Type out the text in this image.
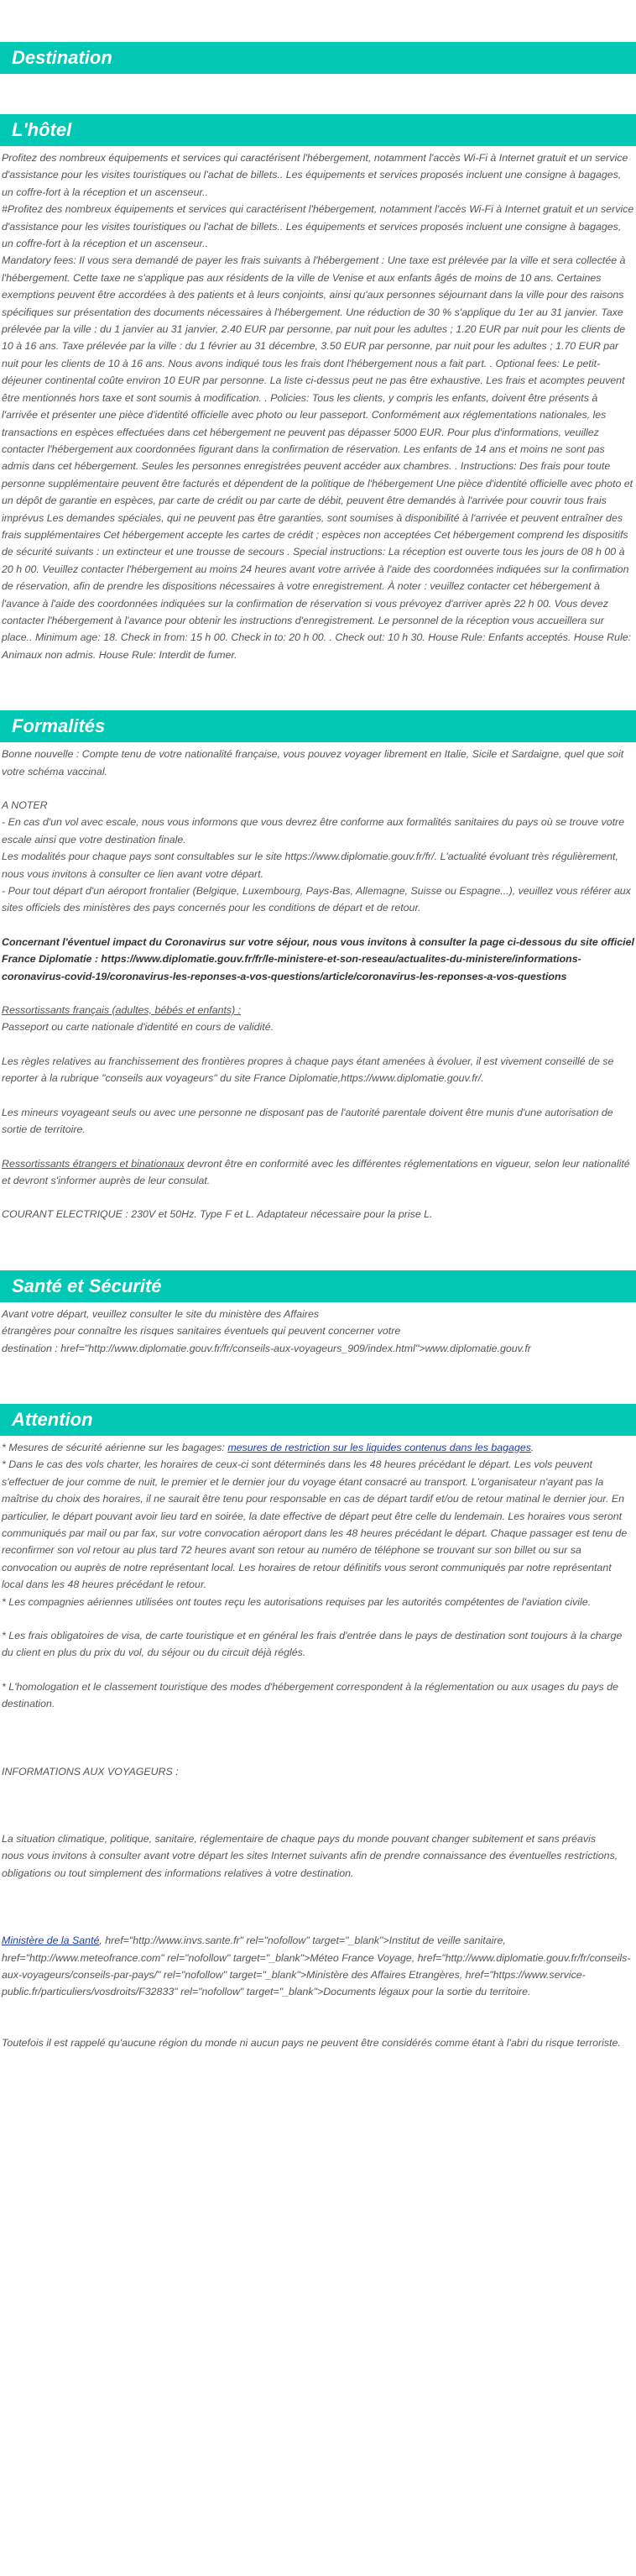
Destination
L'hôtel

Profitez des nombreux équipements et services qui caractérisent l'hébergement, notamment l'accès Wi-Fi à Internet gratuit et un service d'assistance pour les visites touristiques ou l'achat de billets.. Les équipements et services proposés incluent une consigne à bagages, un coffre-fort à la réception et un ascenseur..

#Profitez des nombreux équipements et services qui caractérisent l'hébergement, notamment l'accès Wi-Fi à Internet gratuit et un service d'assistance pour les visites touristiques ou l'achat de billets.. Les équipements et services proposés incluent une consigne à bagages, un coffre-fort à la réception et un ascenseur..

Mandatory fees: Il vous sera demandé de payer les frais suivants à l'hébergement : Une taxe est prélevée par la ville et sera collectée à l'hébergement. Cette taxe ne s'applique pas aux résidents de la ville de Venise et aux enfants âgés de moins de 10 ans. Certaines exemptions peuvent être accordées à des patients et à leurs conjoints, ainsi qu'aux personnes séjournant dans la ville pour des raisons spécifiques sur présentation des documents nécessaires à l'hébergement. Une réduction de 30 % s'applique du 1er au 31 janvier. Taxe prélevée par la ville : du 1 janvier au 31 janvier, 2.40 EUR par personne, par nuit pour les adultes ; 1.20 EUR par nuit pour les clients de 10 à 16 ans. Taxe prélevée par la ville : du 1 février au 31 décembre, 3.50 EUR par personne, par nuit pour les adultes ; 1.70 EUR par nuit pour les clients de 10 à 16 ans. Nous avons indiqué tous les frais dont l'hébergement nous a fait part. . Optional fees: Le petit-déjeuner continental coûte environ 10 EUR par personne. La liste ci-dessus peut ne pas être exhaustive. Les frais et acomptes peuvent être mentionnés hors taxe et sont soumis à modification. . Policies: Tous les clients, y compris les enfants, doivent être présents à l'arrivée et présenter une pièce d'identité officielle avec photo ou leur passeport. Conformément aux réglementations nationales, les transactions en espèces effectuées dans cet hébergement ne peuvent pas dépasser 5000 EUR. Pour plus d'informations, veuillez contacter l'hébergement aux coordonnées figurant dans la confirmation de réservation. Les enfants de 14 ans et moins ne sont pas admis dans cet hébergement. Seules les personnes enregistrées peuvent accéder aux chambres. . Instructions: Des frais pour toute personne supplémentaire peuvent être facturés et dépendent de la politique de l'hébergement Une pièce d'identité officielle avec photo et un dépôt de garantie en espèces, par carte de crédit ou par carte de débit, peuvent être demandés à l'arrivée pour couvrir tous frais imprévus Les demandes spéciales, qui ne peuvent pas être garanties, sont soumises à disponibilité à l'arrivée et peuvent entraîner des frais supplémentaires Cet hébergement accepte les cartes de crédit ; espèces non acceptées Cet hébergement comprend les dispositifs de sécurité suivants : un extincteur et une trousse de secours . Special instructions: La réception est ouverte tous les jours de 08 h 00 à 20 h 00. Veuillez contacter l'hébergement au moins 24 heures avant votre arrivée à l'aide des coordonnées indiquées sur la confirmation de réservation, afin de prendre les dispositions nécessaires à votre enregistrement. À noter : veuillez contacter cet hébergement à l'avance à l'aide des coordonnées indiquées sur la confirmation de réservation si vous prévoyez d'arriver après 22 h 00. Vous devez contacter l'hébergement à l'avance pour obtenir les instructions d'enregistrement. Le personnel de la réception vous accueillera sur place.. Minimum age: 18. Check in from: 15 h 00. Check in to: 20 h 00. . Check out: 10 h 30. House Rule: Enfants acceptés. House Rule: Animaux non admis. House Rule: Interdit de fumer.

Formalités

Bonne nouvelle : Compte tenu de votre nationalité française, vous pouvez voyager librement en Italie, Sicile et Sardaigne, quel que soit votre schéma vaccinal.

A NOTER

- En cas d'un vol avec escale, nous vous informons que vous devrez être conforme aux formalités sanitaires du pays où se trouve votre escale ainsi que votre destination finale.

Les modalités pour chaque pays sont consultables sur le site https://www.diplomatie.gouv.fr/fr/. L'actualité évoluant très régulièrement, nous vous invitons à consulter ce lien avant votre départ.

- Pour tout départ d'un aéroport frontalier (Belgique, Luxembourg, Pays-Bas, Allemagne, Suisse ou Espagne...), veuillez vous référer aux sites officiels des ministères des pays concernés pour les conditions de départ et de retour.

Concernant l'éventuel impact du Coronavirus sur votre séjour, nous vous invitons à consulter la page ci-dessous du site officiel France Diplomatie : https://www.diplomatie.gouv.fr/fr/le-ministere-et-son-reseau/actualites-du-ministere/informations-coronavirus-covid-19/coronavirus-les-reponses-a-vos-questions/article/coronavirus-les-reponses-a-vos-questions

Ressortissants français (adultes, bébés et enfants) :

Passeport ou carte nationale d'identité en cours de validité.

Les règles relatives au franchissement des frontières propres à chaque pays étant amenées à évoluer, il est vivement conseillé de se reporter à la rubrique "conseils aux voyageurs" du site France Diplomatie,https://www.diplomatie.gouv.fr/.

Les mineurs voyageant seuls ou avec une personne ne disposant pas de l'autorité parentale doivent être munis d'une autorisation de sortie de territoire.

Ressortissants étrangers et binationaux devront être en conformité avec les différentes réglementations en vigueur, selon leur nationalité et devront s'informer auprès de leur consulat.

COURANT ELECTRIQUE : 230V et 50Hz. Type F et L. Adaptateur nécessaire pour la prise L.

Santé et Sécurité

Avant votre départ, veuillez consulter le site du ministère des Affaires

étrangères pour connaître les risques sanitaires éventuels qui peuvent concerner votre

destination : href="http://www.diplomatie.gouv.fr/fr/conseils-aux-voyageurs_909/index.html">www.diplomatie.gouv.fr

Attention

* Mesures de sécurité aérienne sur les bagages: mesures de restriction sur les liquides contenus dans les bagages.

* Dans le cas des vols charter, les horaires de ceux-ci sont déterminés dans les 48 heures précédant le départ. Les vols peuvent s'effectuer de jour comme de nuit, le premier et le dernier jour du voyage étant consacré au transport. L'organisateur n'ayant pas la maîtrise du choix des horaires, il ne saurait être tenu pour responsable en cas de départ tardif et/ou de retour matinal le dernier jour. En particulier, le départ pouvant avoir lieu tard en soirée, la date effective de départ peut être celle du lendemain. Les horaires vous seront communiqués par mail ou par fax, sur votre convocation aéroport dans les 48 heures précédant le départ. Chaque passager est tenu de reconfirmer son vol retour au plus tard 72 heures avant son retour au numéro de téléphone se trouvant sur son billet ou sur sa convocation ou auprès de notre représentant local. Les horaires de retour définitifs vous seront communiqués par notre représentant local dans les 48 heures précédant le retour.

* Les compagnies aériennes utilisées ont toutes reçu les autorisations requises par les autorités compétentes de l'aviation civile.

* Les frais obligatoires de visa, de carte touristique et en général les frais d'entrée dans le pays de destination sont toujours à la charge du client en plus du prix du vol, du séjour ou du circuit déjà réglés.

* L'homologation et le classement touristique des modes d'hébergement correspondent à la réglementation ou aux usages du pays de destination.

INFORMATIONS AUX VOYAGEURS :

La situation climatique, politique, sanitaire, réglementaire de chaque pays du monde pouvant changer subitement et sans préavis

nous vous invitons à consulter avant votre départ les sites Internet suivants afin de prendre connaissance des éventuelles restrictions, obligations ou tout simplement des informations relatives à votre destination.

Ministère de la Santé, href="http://www.invs.sante.fr" rel="nofollow" target="_blank">Institut de veille sanitaire, href="http://www.meteofrance.com" rel="nofollow" target="_blank">Méteo France Voyage, href="http://www.diplomatie.gouv.fr/fr/conseils-aux-voyageurs/conseils-par-pays/" rel="nofollow" target="_blank">Ministère des Affaires Etrangères, href="https://www.service-public.fr/particuliers/vosdroits/F32833" rel="nofollow" target="_blank">Documents légaux pour la sortie du territoire.

Toutefois il est rappelé qu'aucune région du monde ni aucun pays ne peuvent être considérés comme étant à l'abri du risque terroriste.
